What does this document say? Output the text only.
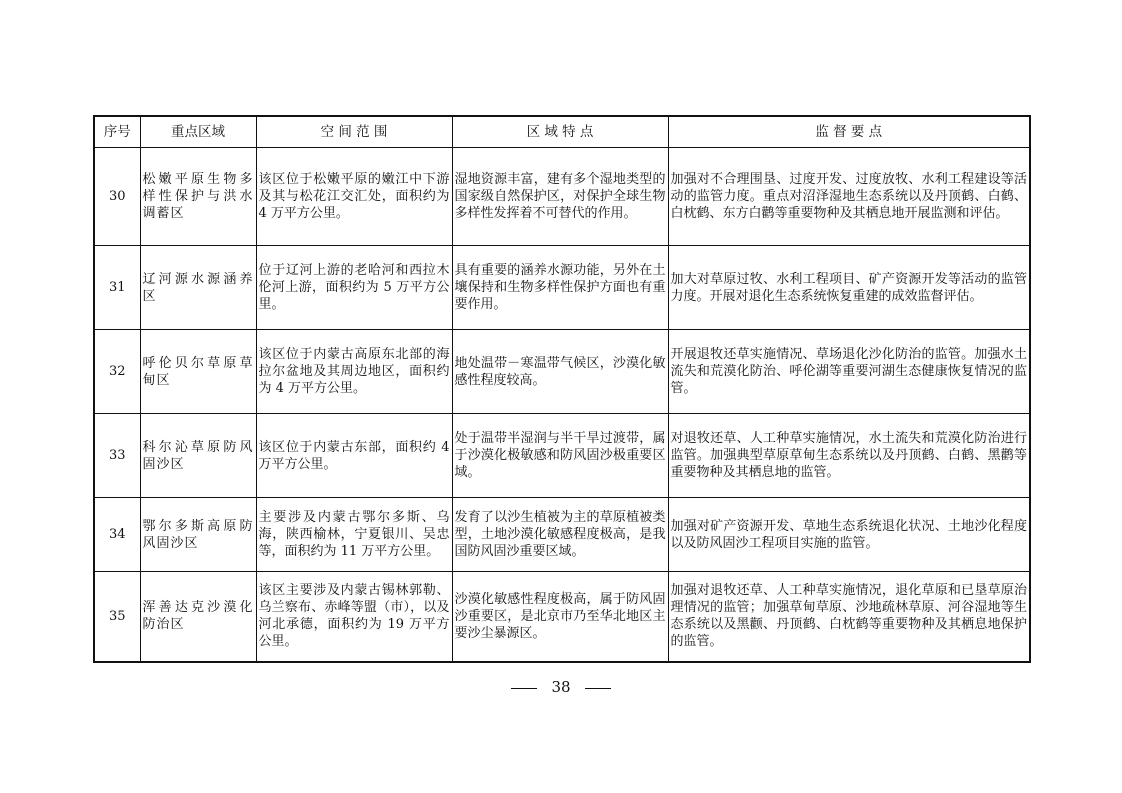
序号	重点区域	空 间 范 围	区 域 特 点	监 督 要 点
30	松嫩平原生物多样性保护与洪水调蓄区	该区位于松嫩平原的嫩江中下游及其与松花江交汇处，面积约为 4 万平方公里。	湿地资源丰富，建有多个湿地类型的国家级自然保护区，对保护全球生物多样性发挥着不可替代的作用。	加强对不合理围垦、过度开发、过度放牧、水利工程建设等活动的监管力度。重点对沼泽湿地生态系统以及丹顶鹤、白鹤、白枕鹤、东方白鹳等重要物种及其栖息地开展监测和评估。
31	辽河源水源涵养区	位于辽河上游的老哈河和西拉木伦河上游，面积约为 5 万平方公里。	具有重要的涵养水源功能，另外在土壤保持和生物多样性保护方面也有重要作用。	加大对草原过牧、水利工程项目、矿产资源开发等活动的监管力度。开展对退化生态系统恢复重建的成效监督评估。
32	呼伦贝尔草原草甸区	该区位于内蒙古高原东北部的海拉尔盆地及其周边地区，面积约为 4 万平方公里。	地处温带－寒温带气候区，沙漠化敏感性程度较高。	开展退牧还草实施情况、草场退化沙化防治的监管。加强水土流失和荒漠化防治、呼伦湖等重要河湖生态健康恢复情况的监管。
33	科尔沁草原防风固沙区	该区位于内蒙古东部，面积约 4 万平方公里。	处于温带半湿润与半干旱过渡带，属于沙漠化极敏感和防风固沙极重要区域。	对退牧还草、人工种草实施情况，水土流失和荒漠化防治进行监管。加强典型草原草甸生态系统以及丹顶鹤、白鹤、黑鹳等重要物种及其栖息地的监管。
34	鄂尔多斯高原防风固沙区	主要涉及内蒙古鄂尔多斯、乌海，陕西榆林，宁夏银川、吴忠等，面积约为 11 万平方公里。	发育了以沙生植被为主的草原植被类型，土地沙漠化敏感程度极高，是我国防风固沙重要区域。	加强对矿产资源开发、草地生态系统退化状况、土地沙化程度以及防风固沙工程项目实施的监管。
35	浑善达克沙漠化防治区	该区主要涉及内蒙古锡林郭勒、乌兰察布、赤峰等盟（市），以及河北承德，面积约为 19 万平方公里。	沙漠化敏感性程度极高，属于防风固沙重要区，是北京市乃至华北地区主要沙尘暴源区。	加强对退牧还草、人工种草实施情况，退化草原和已垦草原治理情况的监管；加强草甸草原、沙地疏林草原、河谷湿地等生态系统以及黑颧、丹顶鹤、白枕鹤等重要物种及其栖息地保护的监管。
38
